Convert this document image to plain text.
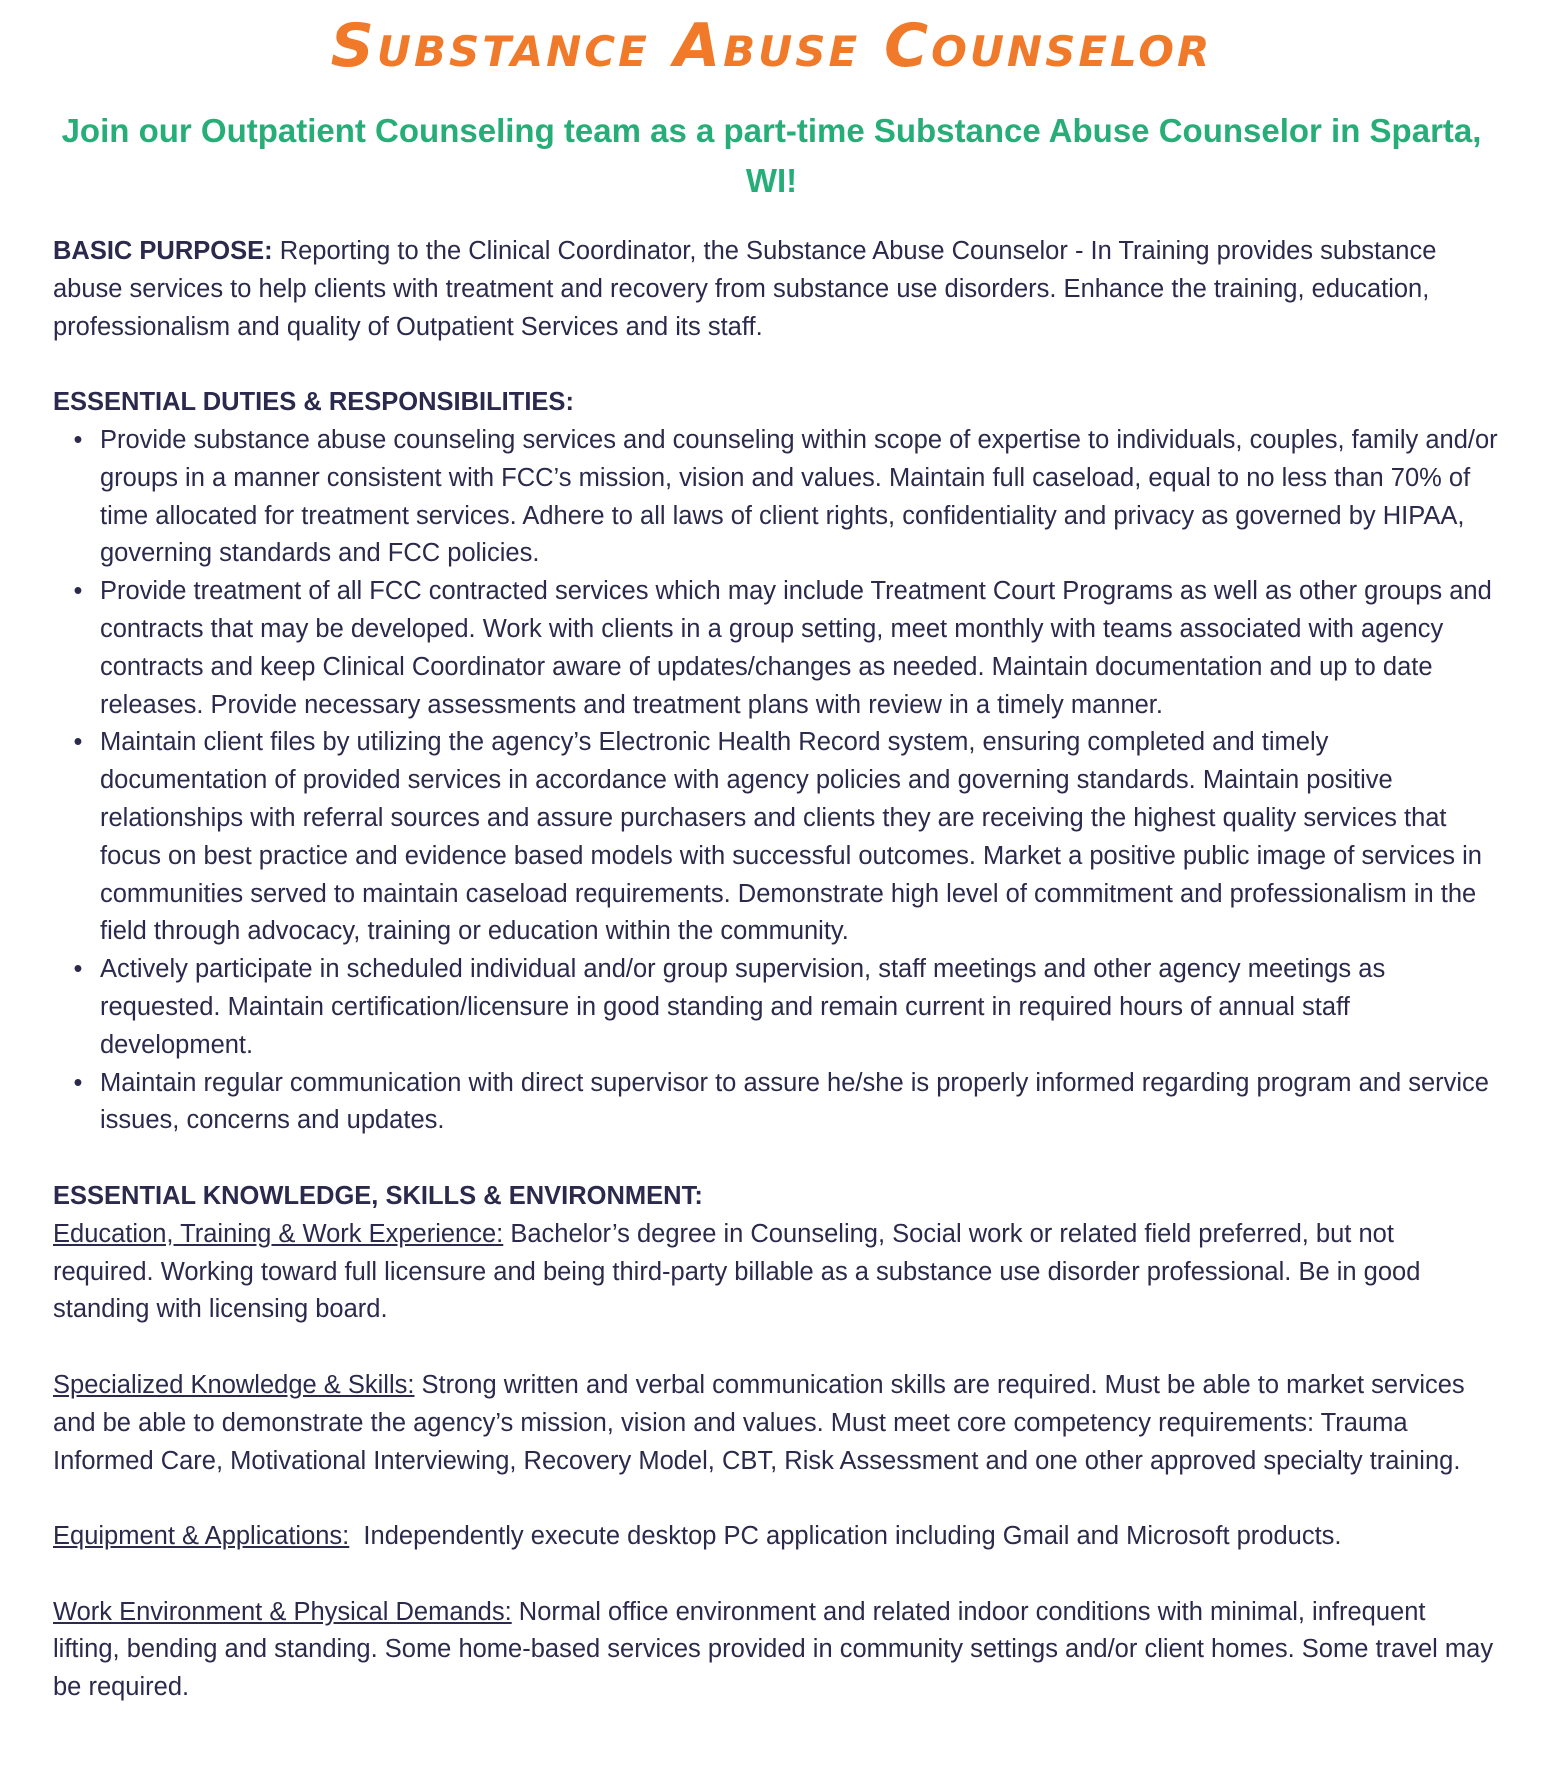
Substance Abuse Counselor
Join our Outpatient Counseling team as a part-time Substance Abuse Counselor in Sparta, WI!

BASIC PURPOSE: Reporting to the Clinical Coordinator, the Substance Abuse Counselor - In Training provides substance abuse services to help clients with treatment and recovery from substance use disorders. Enhance the training, education, professionalism and quality of Outpatient Services and its staff.

ESSENTIAL DUTIES & RESPONSIBILITIES:

• Provide substance abuse counseling services and counseling within scope of expertise to individuals, couples, family and/or groups in a manner consistent with FCC’s mission, vision and values. Maintain full caseload, equal to no less than 70% of time allocated for treatment services. Adhere to all laws of client rights, confidentiality and privacy as governed by HIPAA, governing standards and FCC policies.
• Provide treatment of all FCC contracted services which may include Treatment Court Programs as well as other groups and contracts that may be developed. Work with clients in a group setting, meet monthly with teams associated with agency contracts and keep Clinical Coordinator aware of updates/changes as needed. Maintain documentation and up to date releases. Provide necessary assessments and treatment plans with review in a timely manner.
• Maintain client files by utilizing the agency’s Electronic Health Record system, ensuring completed and timely documentation of provided services in accordance with agency policies and governing standards. Maintain positive relationships with referral sources and assure purchasers and clients they are receiving the highest quality services that focus on best practice and evidence based models with successful outcomes. Market a positive public image of services in communities served to maintain caseload requirements. Demonstrate high level of commitment and professionalism in the field through advocacy, training or education within the community.
• Actively participate in scheduled individual and/or group supervision, staff meetings and other agency meetings as requested. Maintain certification/licensure in good standing and remain current in required hours of annual staff development.
• Maintain regular communication with direct supervisor to assure he/she is properly informed regarding program and service issues, concerns and updates.

ESSENTIAL KNOWLEDGE, SKILLS & ENVIRONMENT:

Education, Training & Work Experience: Bachelor’s degree in Counseling, Social work or related field preferred, but not required. Working toward full licensure and being third-party billable as a substance use disorder professional. Be in good standing with licensing board.

Specialized Knowledge & Skills: Strong written and verbal communication skills are required. Must be able to market services and be able to demonstrate the agency’s mission, vision and values. Must meet core competency requirements: Trauma Informed Care, Motivational Interviewing, Recovery Model, CBT, Risk Assessment and one other approved specialty training.

Equipment & Applications:  Independently execute desktop PC application including Gmail and Microsoft products.

Work Environment & Physical Demands: Normal office environment and related indoor conditions with minimal, infrequent lifting, bending and standing. Some home-based services provided in community settings and/or client homes. Some travel may be required.
